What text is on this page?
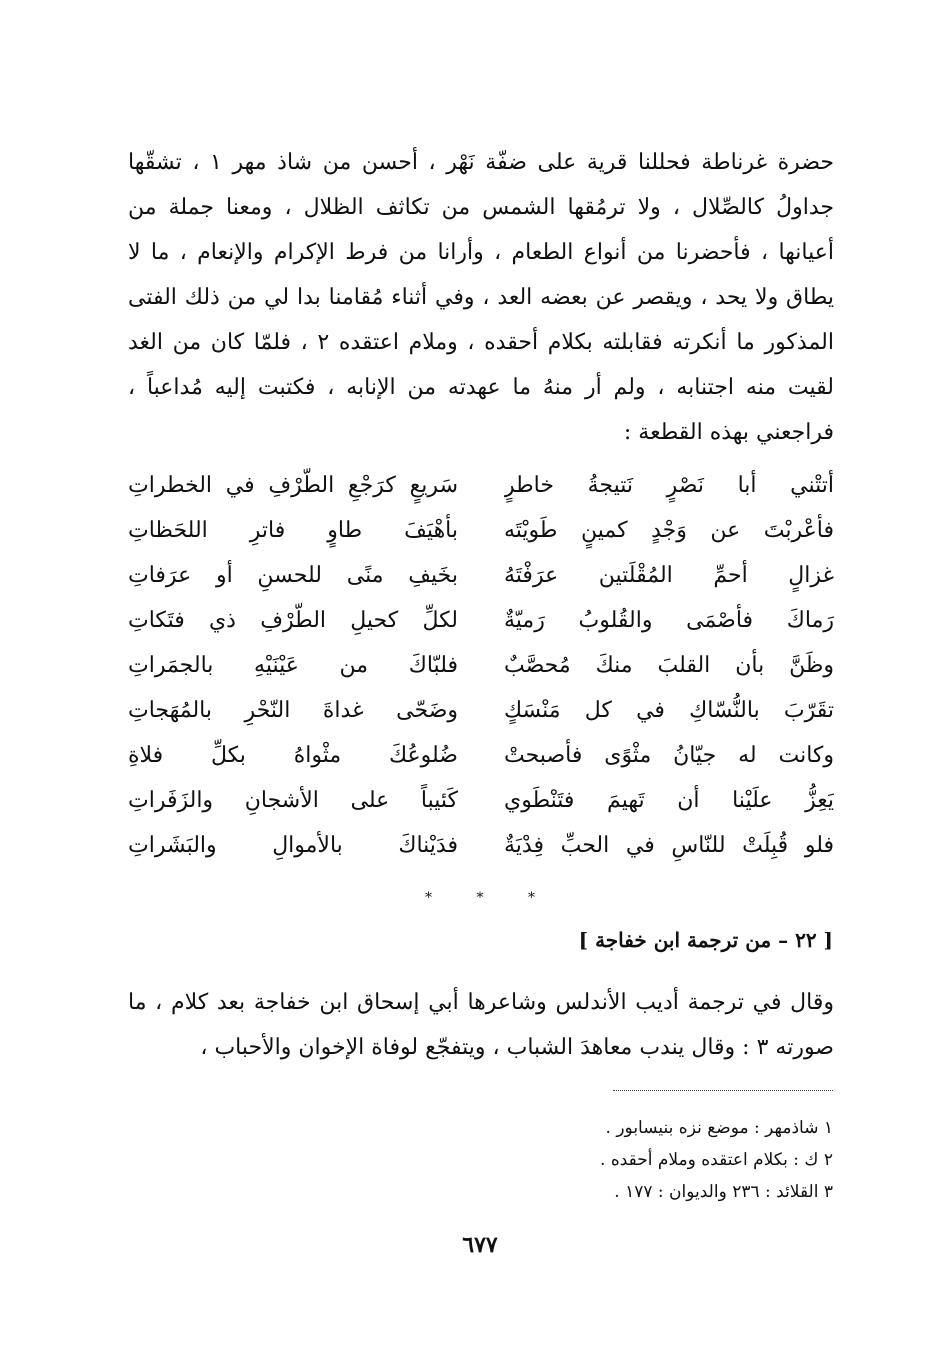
حضرة غرناطة فحللنا قرية على ضفّة نَهْر ، أحسن من شاذ مهر ١ ، تشقّها جداولُ كالصِّلال ، ولا ترمُقها الشمس من تكاثف الظلال ، ومعنا جملة من أعيانها ، فأحضرنا من أنواع الطعام ، وأرانا من فرط الإكرام والإنعام ، ما لا يطاق ولا يحد ، ويقصر عن بعضه العد ، وفي أثناء مُقامنا بدا لي من ذلك الفتى المذكور ما أنكرته فقابلته بكلام أحقده ، وملام اعتقده ٢ ، فلمّا كان من الغد لقيت منه اجتنابه ، ولم أر منهُ ما عهدته من الإنابه ، فكتبت إليه مُداعباً ، فراجعني بهذه القطعة :

أتتْني أبا نَصْرٍ نَتيجةُ خاطرٍ
سَريعٍ كرَجْعِ الطّرْفِ في الخطراتِ
فأعْربْتَ عن وَجْدٍ كمينٍ طَويْتَه
بأهْيَفَ طاوٍ فاترِ اللحَظاتِ
غزالٍ أحمِّ المُقْلَتين عرَفْتَهُ
بخَيفِ منًى للحسنِ أو عرَفاتِ
رَماكَ فأصْمَى والقُلوبُ رَميّةٌ
لكلِّ كحيلِ الطّرْفِ ذي فتَكاتِ
وظَنَّ بأن القلبَ منكَ مُحصَّبٌ
فلبّاكَ من عَيْنَيْهِ بالجمَراتِ
تقَرّبَ بالنُّسّاكِ في كل مَنْسَكٍ
وضَحّى غداةَ النّحْرِ بالمُهَجاتِ
وكانت له جيّانُ مثْوًى فأصبحتْ
ضُلوعُكَ مثْواهُ بكلِّ فلاةِ
يَعِزُّ علَيْنا أن تَهيمَ فتَنْطَوي
كَئيباً على الأشجانِ والزَفَراتِ
فلو قُبِلَتْ للنّاسِ في الحبِّ فِدْيَةٌ
فدَيْناكَ بالأموالِ والبَشَراتِ
* * *
[ ٢٢ – من ترجمة ابن خفاجة ]

وقال في ترجمة أديب الأندلس وشاعرها أبي إسحاق ابن خفاجة بعد كلام ، ما صورته ٣ : وقال يندب معاهدَ الشباب ، ويتفجّع لوفاة الإخوان والأحباب ،

١ شاذمهر : موضع نزه بنيسابور .
٢ ك : بكلام اعتقده وملام أحقده .
٣ القلائد : ٢٣٦ والديوان : ١٧٧ .
٦٧٧
